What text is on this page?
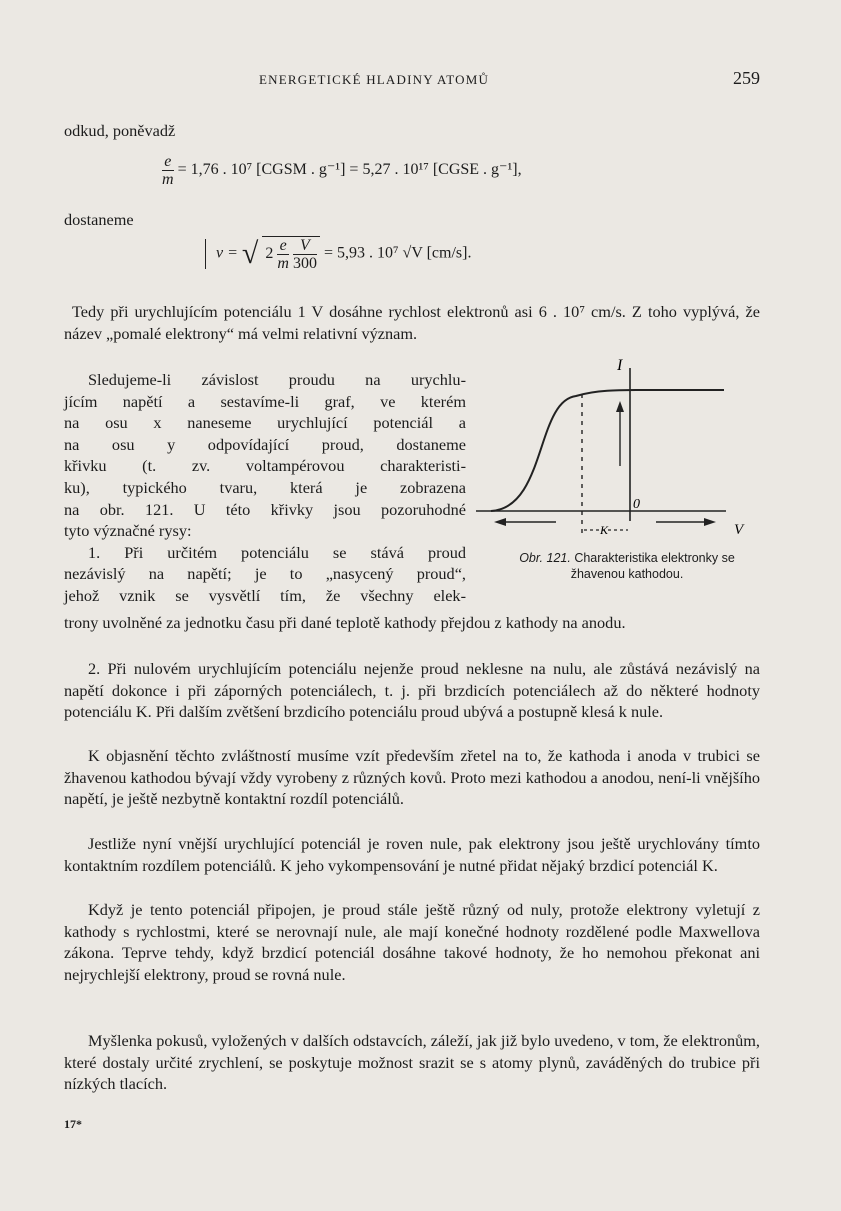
ENERGETICKÉ HLADINY ATOMŮ	259
odkud, poněvadž
$\frac{e}{m} = 1,76$ . 10⁷ [CGSM . g⁻¹] = 5,27 . 10¹⁷ [CGSE . g⁻¹],
dostaneme
v = √ $2 \frac{e}{m}$
$\frac{V}{300} = 5,93$ . 10⁷ √V [cm/s].
Tedy při urychlujícím potenciálu 1 V dosáhne rychlost elektronů asi 6 . 10⁷ cm/s. Z toho vyplývá, že název „pomalé elektrony“ má velmi relativní význam.
Sledujeme-li závislost proudu na urychlu-
jícím napětí a sestavíme-li graf, ve kterém
na osu x naneseme urychlující potenciál a
na osu y odpovídající proud, dostaneme
křivku (t. zv. voltampérovou charakteristi-
ku), typického tvaru, která je zobrazena
na obr. 121. U této křivky jsou pozoruhodné
tyto význačné rysy:
1. Při určitém potenciálu se stává proud
nezávislý na napětí; je to „nasycený proud“,
jehož vznik se vysvětlí tím, že všechny elek-
trony uvolněné za jednotku času při dané teplotě kathody přejdou z kathody na anodu.
I
0
K	V
Obr. 121. Charakteristika elektronky se žhavenou kathodou.
2. Při nulovém urychlujícím potenciálu nejenže proud neklesne na nulu, ale zůstává nezávislý na napětí dokonce i při záporných potenciálech, t. j. při brzdicích potenciálech až do některé hodnoty potenciálu K. Při dalším zvětšení brzdicího potenciálu proud ubývá a postupně klesá k nule.
K objasnění těchto zvláštností musíme vzít především zřetel na to, že kathoda i anoda v trubici se žhavenou kathodou bývají vždy vyrobeny z různých kovů. Proto mezi kathodou a anodou, není-li vnějšího napětí, je ještě nezbytně kontaktní rozdíl potenciálů.
Jestliže nyní vnější urychlující potenciál je roven nule, pak elektrony jsou ještě urychlovány tímto kontaktním rozdílem potenciálů. K jeho vykompensování je nutné přidat nějaký brzdicí potenciál K.
Když je tento potenciál připojen, je proud stále ještě různý od nuly, protože elektrony vyletují z kathody s rychlostmi, které se nerovnají nule, ale mají konečné hodnoty rozdělené podle Maxwellova zákona. Teprve tehdy, když brzdicí potenciál dosáhne takové hodnoty, že ho nemohou překonat ani nejrychlejší elektrony, proud se rovná nule.
Myšlenka pokusů, vyložených v dalších odstavcích, záleží, jak již bylo uvedeno, v tom, že elektronům, které dostaly určité zrychlení, se poskytuje možnost srazit se s atomy plynů, zaváděných do trubice při nízkých tlacích.
17*
